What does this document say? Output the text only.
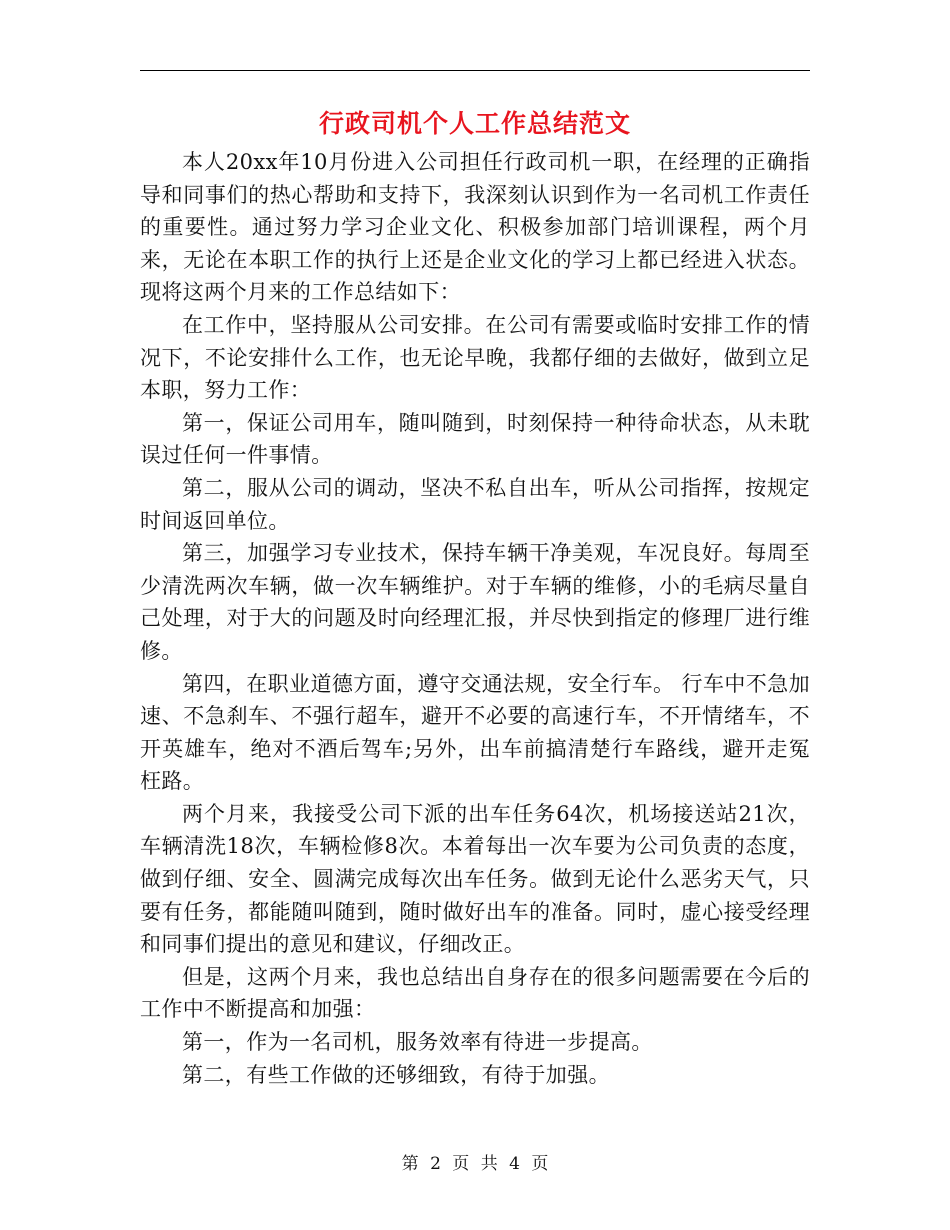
行政司机个人工作总结范文

本人20xx年10月份进入公司担任行政司机一职，在经理的正确指导和同事们的热心帮助和支持下，我深刻认识到作为一名司机工作责任的重要性。通过努力学习企业文化、积极参加部门培训课程，两个月来，无论在本职工作的执行上还是企业文化的学习上都已经进入状态。现将这两个月来的工作总结如下：

在工作中，坚持服从公司安排。在公司有需要或临时安排工作的情况下，不论安排什么工作，也无论早晚，我都仔细的去做好，做到立足本职，努力工作：

第一，保证公司用车，随叫随到，时刻保持一种待命状态，从未耽误过任何一件事情。

第二，服从公司的调动，坚决不私自出车，听从公司指挥，按规定时间返回单位。

第三，加强学习专业技术，保持车辆干净美观，车况良好。每周至少清洗两次车辆，做一次车辆维护。对于车辆的维修，小的毛病尽量自己处理，对于大的问题及时向经理汇报，并尽快到指定的修理厂进行维修。

第四，在职业道德方面，遵守交通法规，安全行车。 行车中不急加速、不急刹车、不强行超车，避开不必要的高速行车，不开情绪车，不开英雄车，绝对不酒后驾车;另外，出车前搞清楚行车路线，避开走冤枉路。

两个月来，我接受公司下派的出车任务64次，机场接送站21次，车辆清洗18次，车辆检修8次。本着每出一次车要为公司负责的态度，做到仔细、安全、圆满完成每次出车任务。做到无论什么恶劣天气，只要有任务，都能随叫随到，随时做好出车的准备。同时，虚心接受经理和同事们提出的意见和建议，仔细改正。

但是，这两个月来，我也总结出自身存在的很多问题需要在今后的工作中不断提高和加强：

第一，作为一名司机，服务效率有待进一步提高。

第二，有些工作做的还够细致，有待于加强。

第 2 页 共 4 页
